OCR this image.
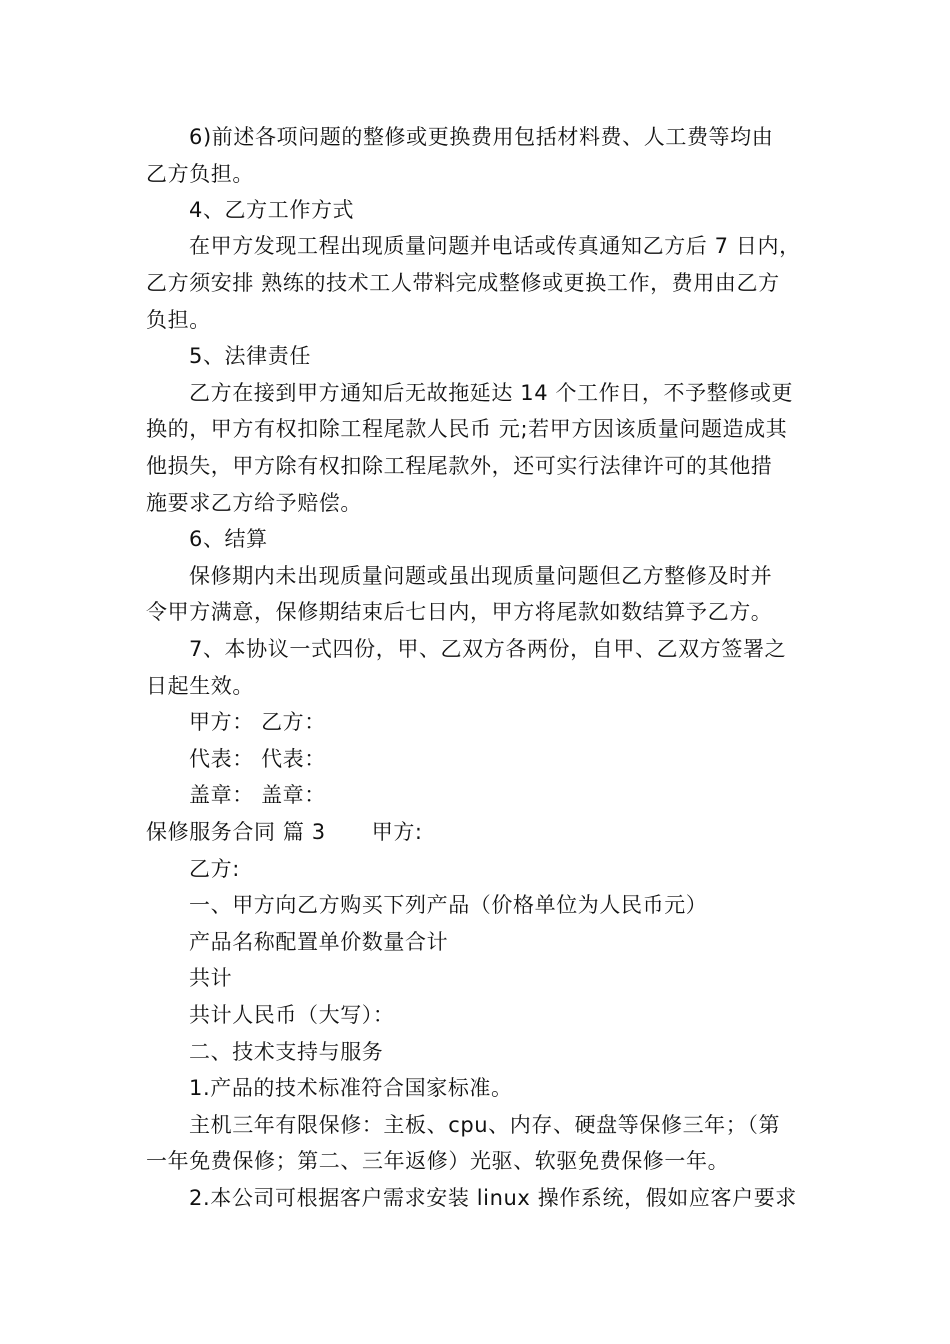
6)前述各项问题的整修或更换费用包括材料费、人工费等均由
乙方负担。
4、乙方工作方式
在甲方发现工程出现质量问题并电话或传真通知乙方后 7 日内，
乙方须安排 熟练的技术工人带料完成整修或更换工作，费用由乙方
负担。
5、法律责任
乙方在接到甲方通知后无故拖延达 14 个工作日，不予整修或更
换的，甲方有权扣除工程尾款人民币 元;若甲方因该质量问题造成其
他损失，甲方除有权扣除工程尾款外，还可实行法律许可的其他措
施要求乙方给予赔偿。
6、结算
保修期内未出现质量问题或虽出现质量问题但乙方整修及时并
令甲方满意，保修期结束后七日内，甲方将尾款如数结算予乙方。
7、本协议一式四份，甲、乙双方各两份，自甲、乙双方签署之
日起生效。
甲方： 乙方：
代表： 代表：
盖章： 盖章：
保修服务合同 篇 3 甲方:
乙方:
一、甲方向乙方购买下列产品（价格单位为人民币元）
产品名称配置单价数量合计
共计
共计人民币（大写）：
二、技术支持与服务
1.产品的技术标准符合国家标准。
主机三年有限保修：主板、cpu、内存、硬盘等保修三年；（第
一年免费保修；第二、三年返修）光驱、软驱免费保修一年。
2.本公司可根据客户需求安装 linux 操作系统，假如应客户要求
